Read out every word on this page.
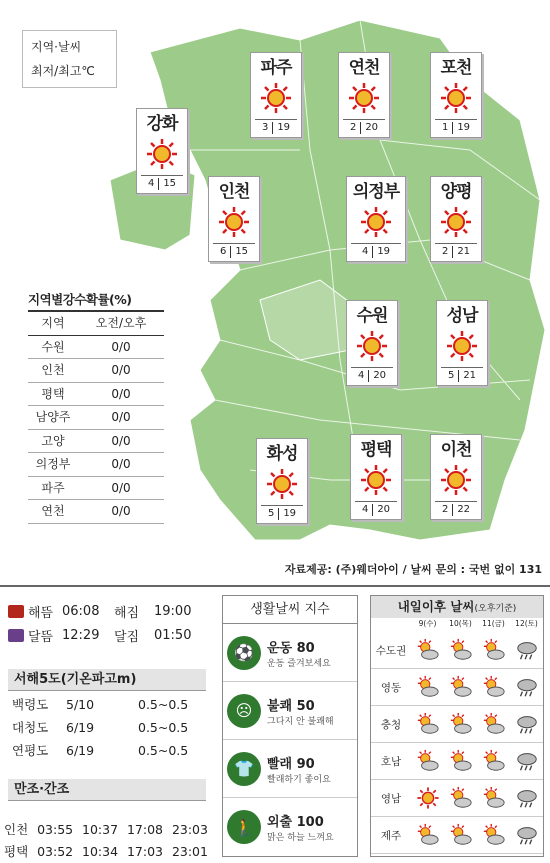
지역·날씨
최저/최고℃	파주
3 19
연천
2 20
포천
1 19
강화
4 15	인천
6 15
의정부
4 19
양평
2 21
수원
4 20
성남
5 21
화성
5 19
평택
4 20
이천
2 22
지역별강수확률(%)
지역	오전/오후
수원	0/0
인천	0/0
평택	0/0
남양주	0/0
고양	0/0
의정부	0/0
파주	0/0
연천	0/0
자료제공: (주)웨더아이 / 날씨 문의 : 국번 없이 131
해뜸 06:08	해짐	19:00
달뜸 12:29	달짐	01:50
서해5도(기온파고m)
백령도	5/10	0.5~0.5
대청도	6/19	0.5~0.5
연평도	6/19	0.5~0.5
만조·간조
인천 03:55 10:37 17:08 23:03
평택 03:52 10:34 17:03 23:01
생활날씨 지수
⚽	운동 80
운동 즐겨보세요
☹	불쾌 50
그다지 안 불쾌해
👕	빨래 90
빨래하기 좋이요
🚶	외출 100
맑은 하늘 느껴요
내일이후 날씨(오후기준)
9(수)	10(목)	11(금)	12(토)
수도권
영동
충청
호남
영남
제주
